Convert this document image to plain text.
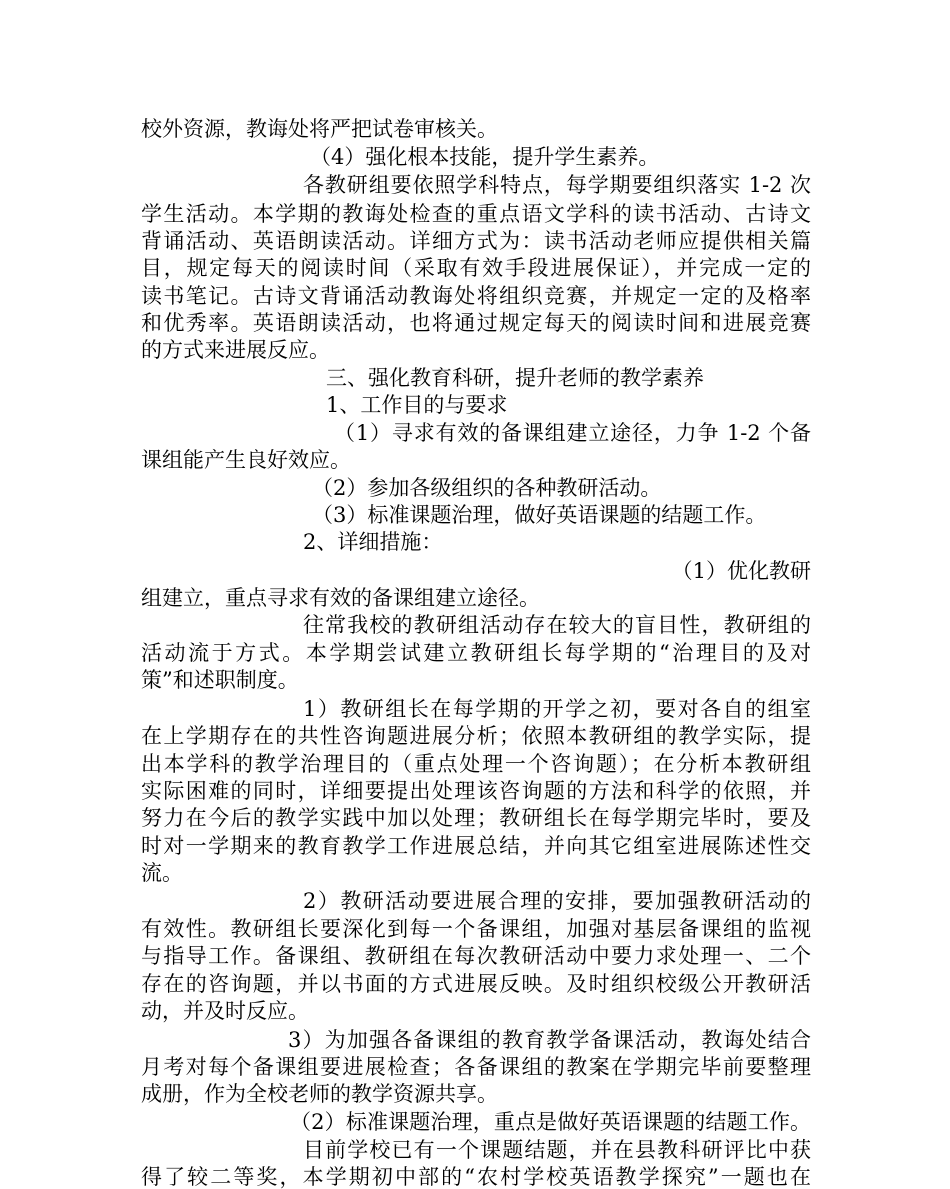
校外资源，教诲处将严把试卷审核关。
（4）强化根本技能，提升学生素养。
各教研组要依照学科特点，每学期要组织落实 1-2 次
学生活动。本学期的教诲处检查的重点语文学科的读书活动、古诗文
背诵活动、英语朗读活动。详细方式为：读书活动老师应提供相关篇
目，规定每天的阅读时间（采取有效手段进展保证），并完成一定的
读书笔记。古诗文背诵活动教诲处将组织竞赛，并规定一定的及格率
和优秀率。英语朗读活动，也将通过规定每天的阅读时间和进展竞赛
的方式来进展反应。
三、强化教育科研，提升老师的教学素养
1、工作目的与要求
（1）寻求有效的备课组建立途径，力争 1-2 个备
课组能产生良好效应。
（2）参加各级组织的各种教研活动。
（3）标准课题治理，做好英语课题的结题工作。
2、详细措施：
（1）优化教研
组建立，重点寻求有效的备课组建立途径。
往常我校的教研组活动存在较大的盲目性，教研组的
活动流于方式。本学期尝试建立教研组长每学期的“治理目的及对
策”和述职制度。
1）教研组长在每学期的开学之初，要对各自的组室
在上学期存在的共性咨询题进展分析；依照本教研组的教学实际，提
出本学科的教学治理目的（重点处理一个咨询题）；在分析本教研组
实际困难的同时，详细要提出处理该咨询题的方法和科学的依照，并
努力在今后的教学实践中加以处理；教研组长在每学期完毕时，要及
时对一学期来的教育教学工作进展总结，并向其它组室进展陈述性交
流。
2）教研活动要进展合理的安排，要加强教研活动的
有效性。教研组长要深化到每一个备课组，加强对基层备课组的监视
与指导工作。备课组、教研组在每次教研活动中要力求处理一、二个
存在的咨询题，并以书面的方式进展反映。及时组织校级公开教研活
动，并及时反应。
3）为加强各备课组的教育教学备课活动，教诲处结合
月考对每个备课组要进展检查；各备课组的教案在学期完毕前要整理
成册，作为全校老师的教学资源共享。
（2）标准课题治理，重点是做好英语课题的结题工作。
目前学校已有一个课题结题，并在县教科研评比中获
得了较二等奖，本学期初中部的“农村学校英语教学探究”一题也在
